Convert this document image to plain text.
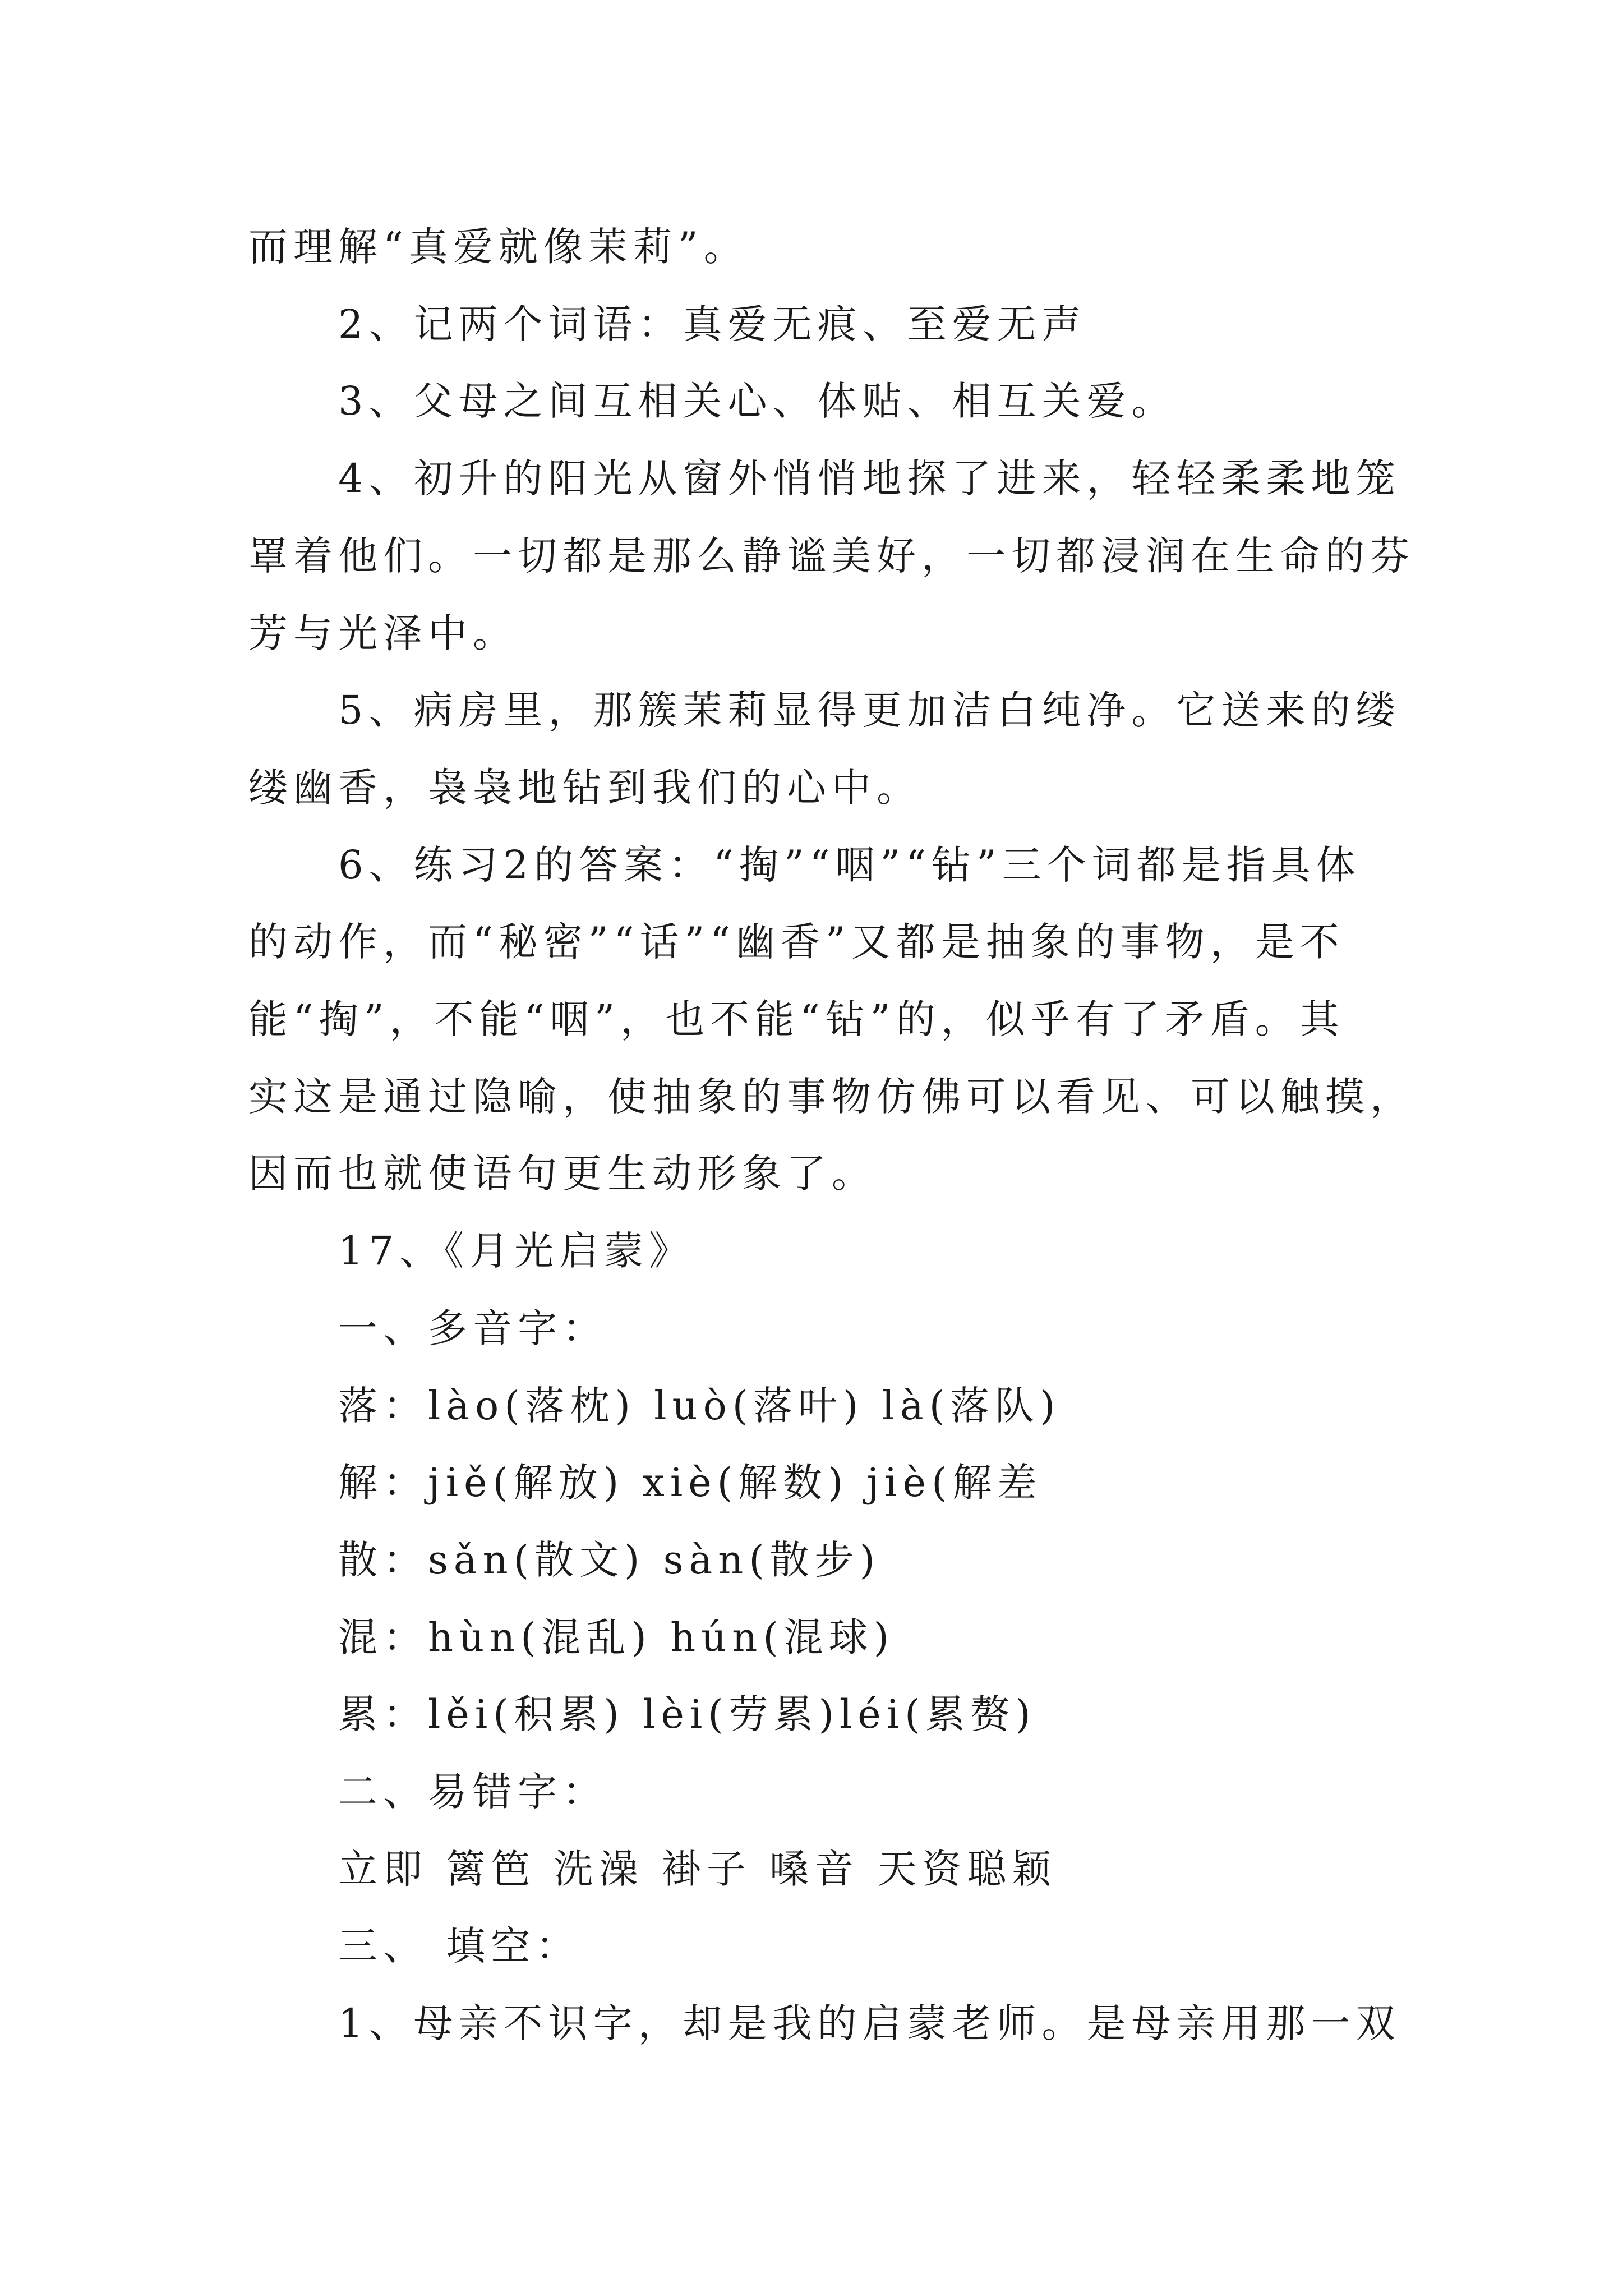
而理解“真爱就像茉莉”。
2、记两个词语：真爱无痕、至爱无声
3、父母之间互相关心、体贴、相互关爱。
4、初升的阳光从窗外悄悄地探了进来，轻轻柔柔地笼
罩着他们。一切都是那么静谧美好，一切都浸润在生命的芬
芳与光泽中。
5、病房里，那簇茉莉显得更加洁白纯净。它送来的缕
缕幽香，袅袅地钻到我们的心中。
6、练习2的答案：“掏”“咽”“钻”三个词都是指具体
的动作，而“秘密”“话”“幽香”又都是抽象的事物，是不
能“掏”，不能“咽”，也不能“钻”的，似乎有了矛盾。其
实这是通过隐喻，使抽象的事物仿佛可以看见、可以触摸，
因而也就使语句更生动形象了。
17、《月光启蒙》
一、多音字：
落：lào(落枕) luò(落叶) là(落队)
解：jiě(解放) xiè(解数) jiè(解差
散：sǎn(散文) sàn(散步)
混：hùn(混乱) hún(混球)
累：lěi(积累) lèi(劳累)léi(累赘)
二、易错字：
立即 篱笆 洗澡 褂子 嗓音 天资聪颖
三、 填空：
1、母亲不识字，却是我的启蒙老师。是母亲用那一双
